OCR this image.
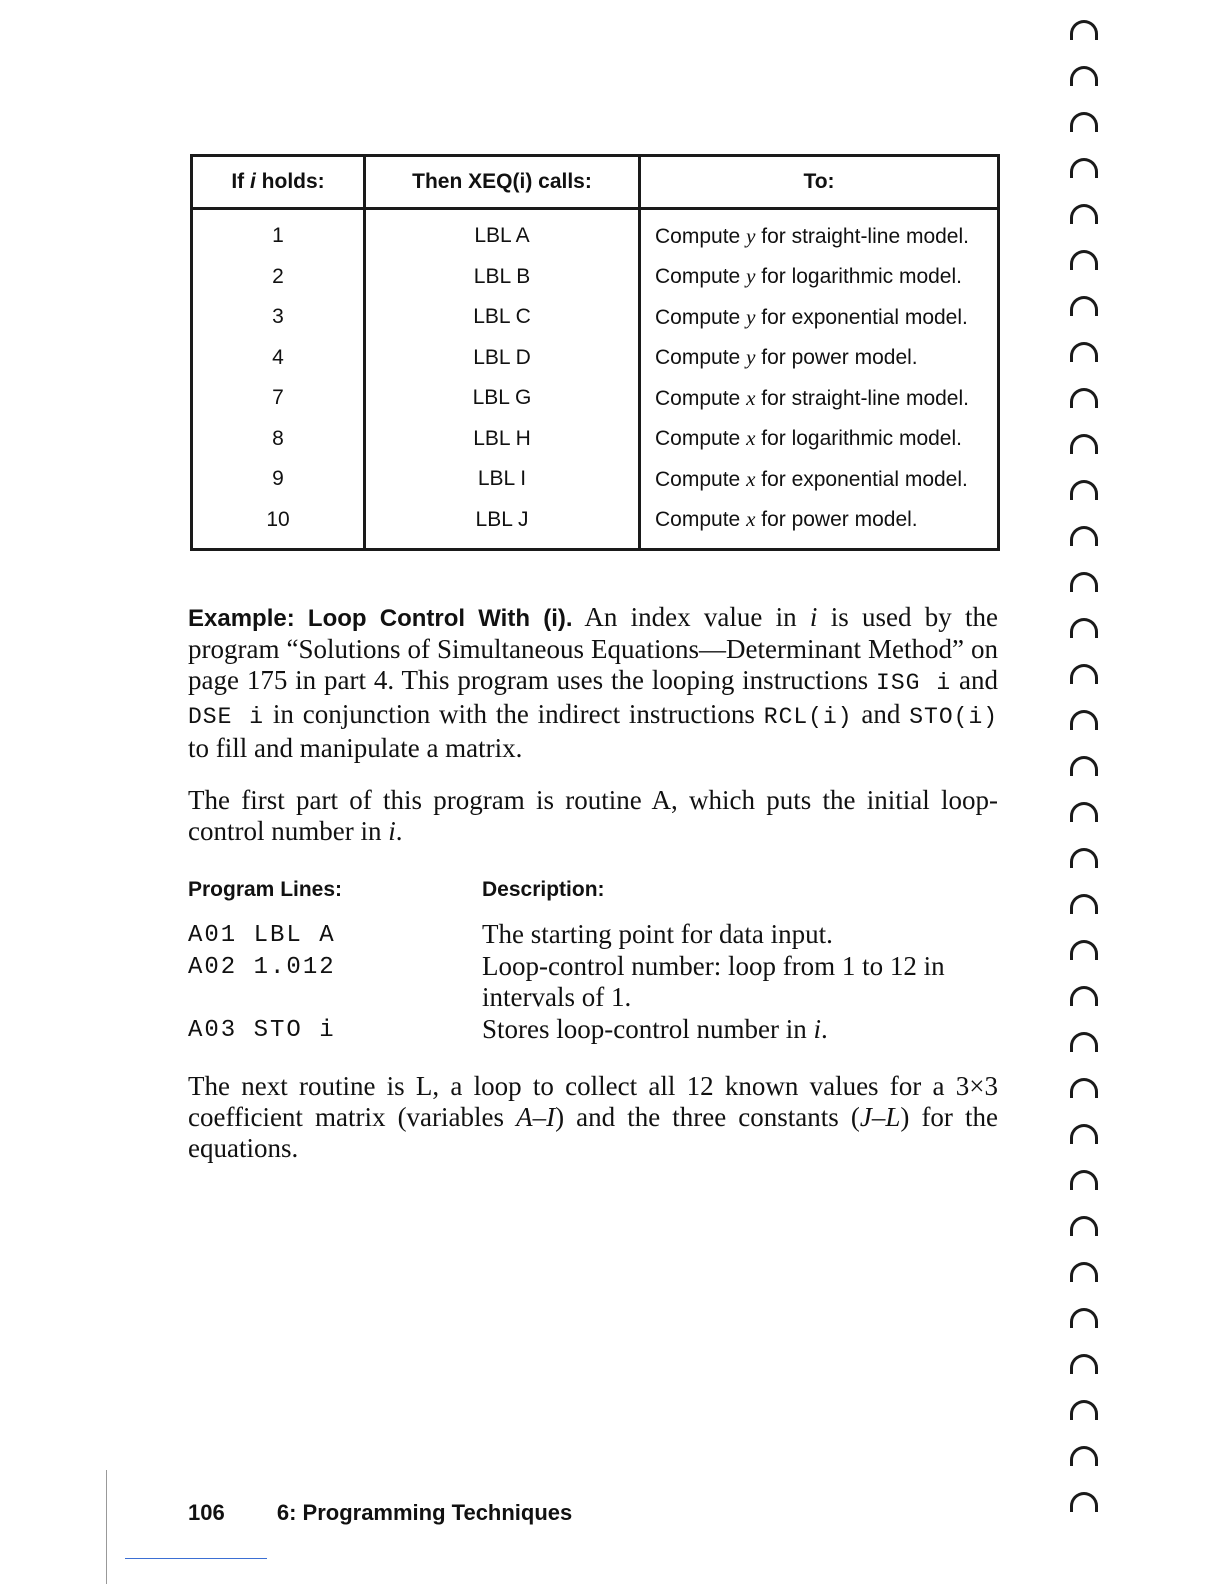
If i holds:	Then XEQ(i) calls:	To:
1	LBL A	Compute y for straight-line model.
2	LBL B	Compute y for logarithmic model.
3	LBL C	Compute y for exponential model.
4	LBL D	Compute y for power model.
7	LBL G	Compute x for straight-line model.
8	LBL H	Compute x for logarithmic model.
9	LBL I	Compute x for exponential model.
10	LBL J	Compute x for power model.

Example: Loop Control With (i). An index value in i is used by the program “Solutions of Simultaneous Equations—Determinant Method” on page 175 in part 4. This program uses the looping instructions ISG i and DSE i in conjunction with the indirect instructions RCL(i) and STO(i) to fill and manipulate a matrix.

The first part of this program is routine A, which puts the initial loop-control number in i.

Program Lines:	Description:
A01 LBL A	The starting point for data input.
A02 1.012	Loop-control number: loop from 1 to 12 in intervals of 1.
A03 STO i	Stores loop-control number in i.

The next routine is L, a loop to collect all 12 known values for a 3×3 coefficient matrix (variables A–I) and the three constants (J–L) for the equations.

106 6: Programming Techniques
